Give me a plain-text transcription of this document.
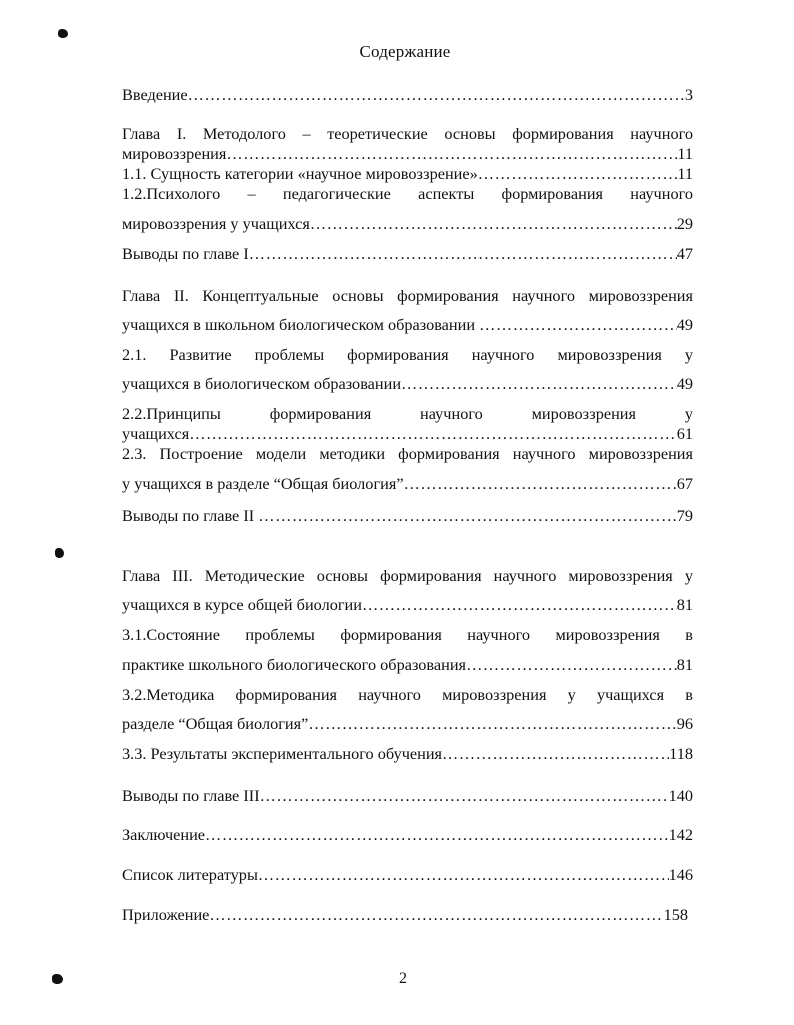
Содержание
Введение …………………………………………………………………………………………………………………………	3
Глава I. Методолого – теоретические основы формирования научного
мировоззрения …………………………………………………………………………………………………………………………	11
1.1. Сущность категории «научное мировоззрение» …………………………………………………………………………………………………………………………	11
1.2.Психолого – педагогические аспекты формирования научного
мировоззрения у учащихся …………………………………………………………………………………………………………………………	29
Выводы по главе I …………………………………………………………………………………………………………………………	47
Глава II. Концептуальные основы формирования научного мировоззрения
учащихся в школьном биологическом образовании …………………………………………………………………………………………………………………………	49
2.1. Развитие проблемы формирования научного мировоззрения у
учащихся в биологическом образовании …………………………………………………………………………………………………………………………	49
2.2.Принципы формирования научного мировоззрения у
учащихся …………………………………………………………………………………………………………………………	61
2.3. Построение модели методики формирования научного мировоззрения
у учащихся в разделе “Общая биология” …………………………………………………………………………………………………………………………	67
Выводы по главе II …………………………………………………………………………………………………………………………	79
Глава III. Методические основы формирования научного мировоззрения у
учащихся в курсе общей биологии …………………………………………………………………………………………………………………………	81
3.1.Состояние проблемы формирования научного мировоззрения в
практике школьного биологического образования …………………………………………………………………………………………………………………………	81
3.2.Методика формирования научного мировоззрения у учащихся в
разделе “Общая биология” …………………………………………………………………………………………………………………………	96
3.3. Результаты экспериментального обучения …………………………………………………………………………………………………………………………	118
Выводы по главе III …………………………………………………………………………………………………………………………	140
Заключение …………………………………………………………………………………………………………………………	142
Список литературы …………………………………………………………………………………………………………………………	146
Приложение …………………………………………………………………………………………………………………………	158
2
